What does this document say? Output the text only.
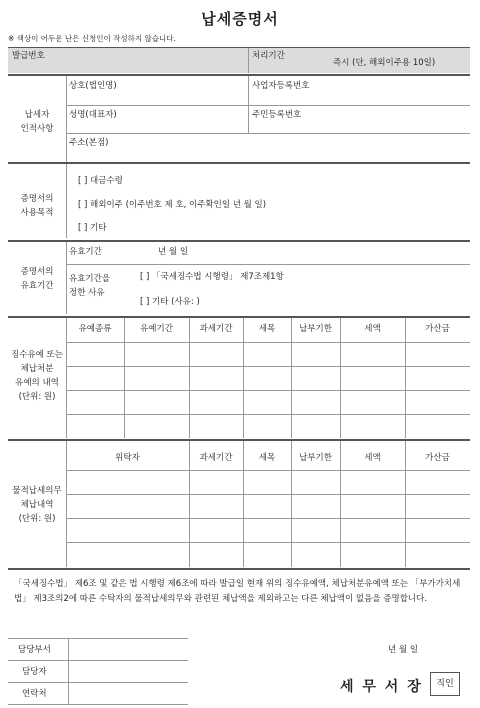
납세증명서
※ 색상이 어두운 난은 신청인이 작성하지 않습니다.
발급번호	처리기간
즉시 (단, 해외이주용 10일)
납세자
인적사항
상호(법인명)	사업자등록번호
성명(대표자)	주민등록번호
주소(본점)
증명서의
사용목적
[ ] 대금수령
[ ] 해외이주 (이주번호 제 호, 이주확인일 년 월 일)
[ ] 기타
증명서의
유효기간
유효기간	년 월 일
유효기간을
정한 사유
[ ] 「국세징수법 시행령」 제7조제1항
[ ] 기타 (사유: )
징수유예 또는
체납처분
유예의 내역
(단위: 원)
유예종류	유예기간	과세기간	세목	납부기한	세액	가산금
물적납세의무
체납내역
(단위: 원)
위탁자	과세기간	세목	납부기한	세액	가산금
「국세징수법」 제6조 및 같은 법 시행령 제6조에 따라 발급일 현재 위의 징수유예액, 체납처분유예액 또는 「부가가치세법」 제3조의2에 따른 수탁자의 물적납세의무와 관련된 체납액을 제외하고는 다른 체납액이 없음을 증명합니다.
담당부서
담당자
연락처
년 월 일
세 무 서 장	직인
